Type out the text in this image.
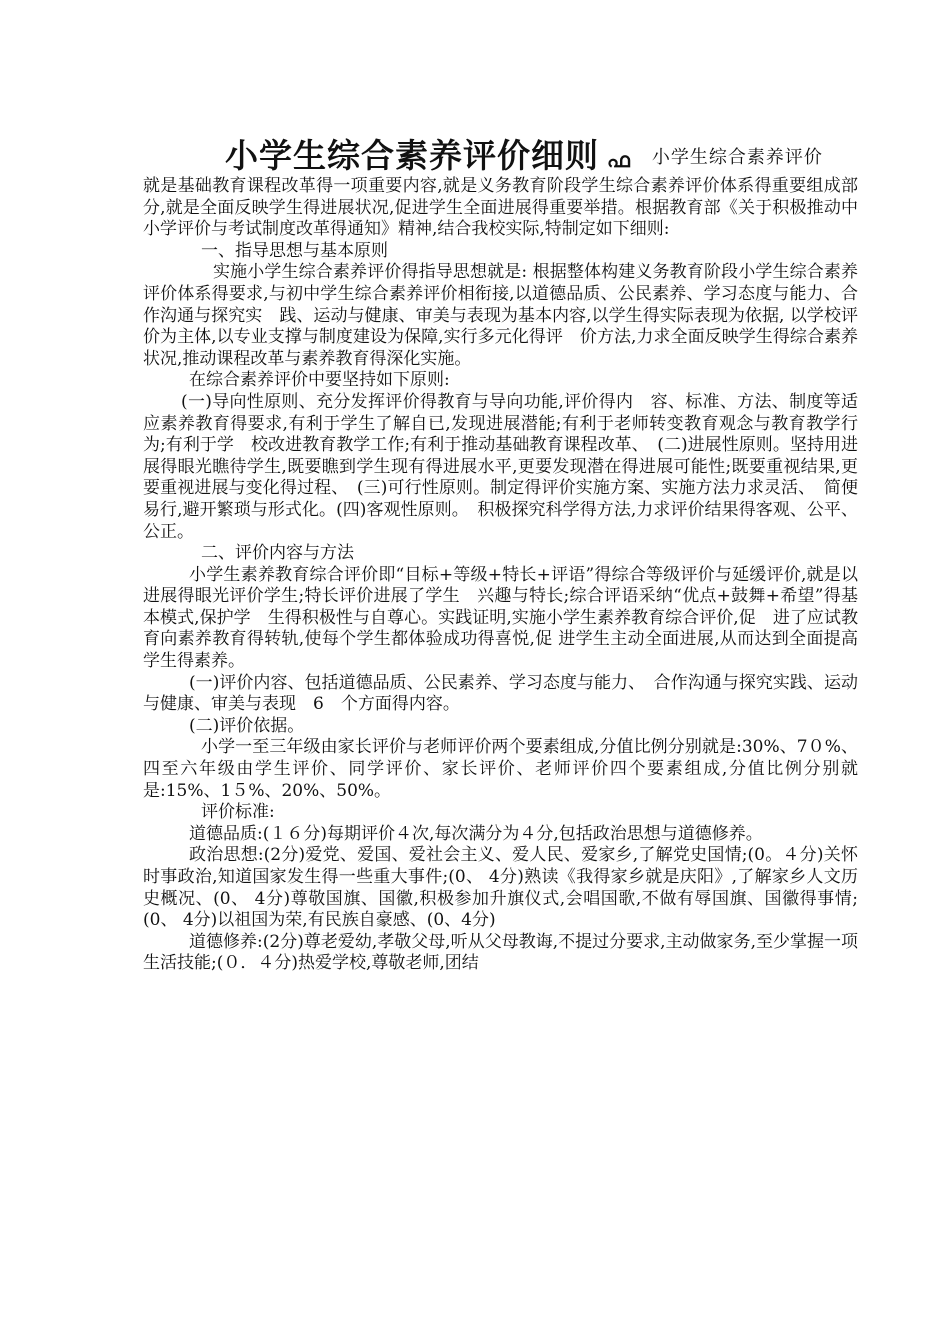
小学生综合素养评价细则 ഫ 小学生综合素养评价

就是基础教育课程改革得一项重要内容,就是义务教育阶段学生综合素养评价体系得重要组成部分,就是全面反映学生得进展状况,促进学生全面进展得重要举措。根据教育部《关于积极推动中小学评价与考试制度改革得通知》精神,结合我校实际,特制定如下细则:

一、指导思想与基本原则

实施小学生综合素养评价得指导思想就是: 根据整体构建义务教育阶段小学生综合素养评价体系得要求,与初中学生综合素养评价相衔接,以道德品质、公民素养、学习态度与能力、合作沟通与探究实　践、运动与健康、审美与表现为基本内容,以学生得实际表现为依据, 以学校评价为主体,以专业支撑与制度建设为保障,实行多元化得评　价方法,力求全面反映学生得综合素养状况,推动课程改革与素养教育得深化实施。

在综合素养评价中要坚持如下原则:

(一)导向性原则、充分发挥评价得教育与导向功能,评价得内　容、标准、方法、制度等适应素养教育得要求,有利于学生了解自已,发现进展潜能;有利于老师转变教育观念与教育教学行为;有利于学　校改进教育教学工作;有利于推动基础教育课程改革、　(二)进展性原则。坚持用进展得眼光瞧待学生,既要瞧到学生现有得进展水平,更要发现潜在得进展可能性;既要重视结果,更要重视进展与变化得过程、　(三)可行性原则。制定得评价实施方案、实施方法力求灵活、　简便易行,避开繁琐与形式化。(四)客观性原则。　积极探究科学得方法,力求评价结果得客观、公平、公正。

二、评价内容与方法

小学生素养教育综合评价即“目标+等级+特长+评语”得综合等级评价与延缓评价,就是以进展得眼光评价学生;特长评价进展了学生　兴趣与特长;综合评语采纳“优点+鼓舞+希望”得基本模式,保护学　生得积极性与自尊心。实践证明,实施小学生素养教育综合评价,促　进了应试教育向素养教育得转轨,使每个学生都体验成功得喜悦,促 进学生主动全面进展,从而达到全面提高学生得素养。

(一)评价内容、包括道德品质、公民素养、学习态度与能力、　合作沟通与探究实践、运动与健康、审美与表现　6　个方面得内容。

(二)评价依据。

小学一至三年级由家长评价与老师评价两个要素组成,分值比例分别就是:30%、7０%、四至六年级由学生评价、同学评价、家长评价、老师评价四个要素组成,分值比例分别就是:15%、1５%、20%、50%。

评价标准:

道德品质:(１６分)每期评价４次,每次满分为４分,包括政治思想与道德修养。

政治思想:(2分)爱党、爱国、爱社会主义、爱人民、爱家乡,了解党史国情;(0。４分)关怀时事政治,知道国家发生得一些重大事件;(0、 4分)熟读《我得家乡就是庆阳》,了解家乡人文历史概况、(0、 4分)尊敬国旗、国徽,积极参加升旗仪式,会唱国歌,不做有辱国旗、国徽得事情;(0、 4分)以祖国为荣,有民族自豪感、(0、4分)

道德修养:(2分)尊老爱幼,孝敬父母,听从父母教诲,不提过分要求,主动做家务,至少掌握一项生活技能;(０．４分)热爱学校,尊敬老师,团结
